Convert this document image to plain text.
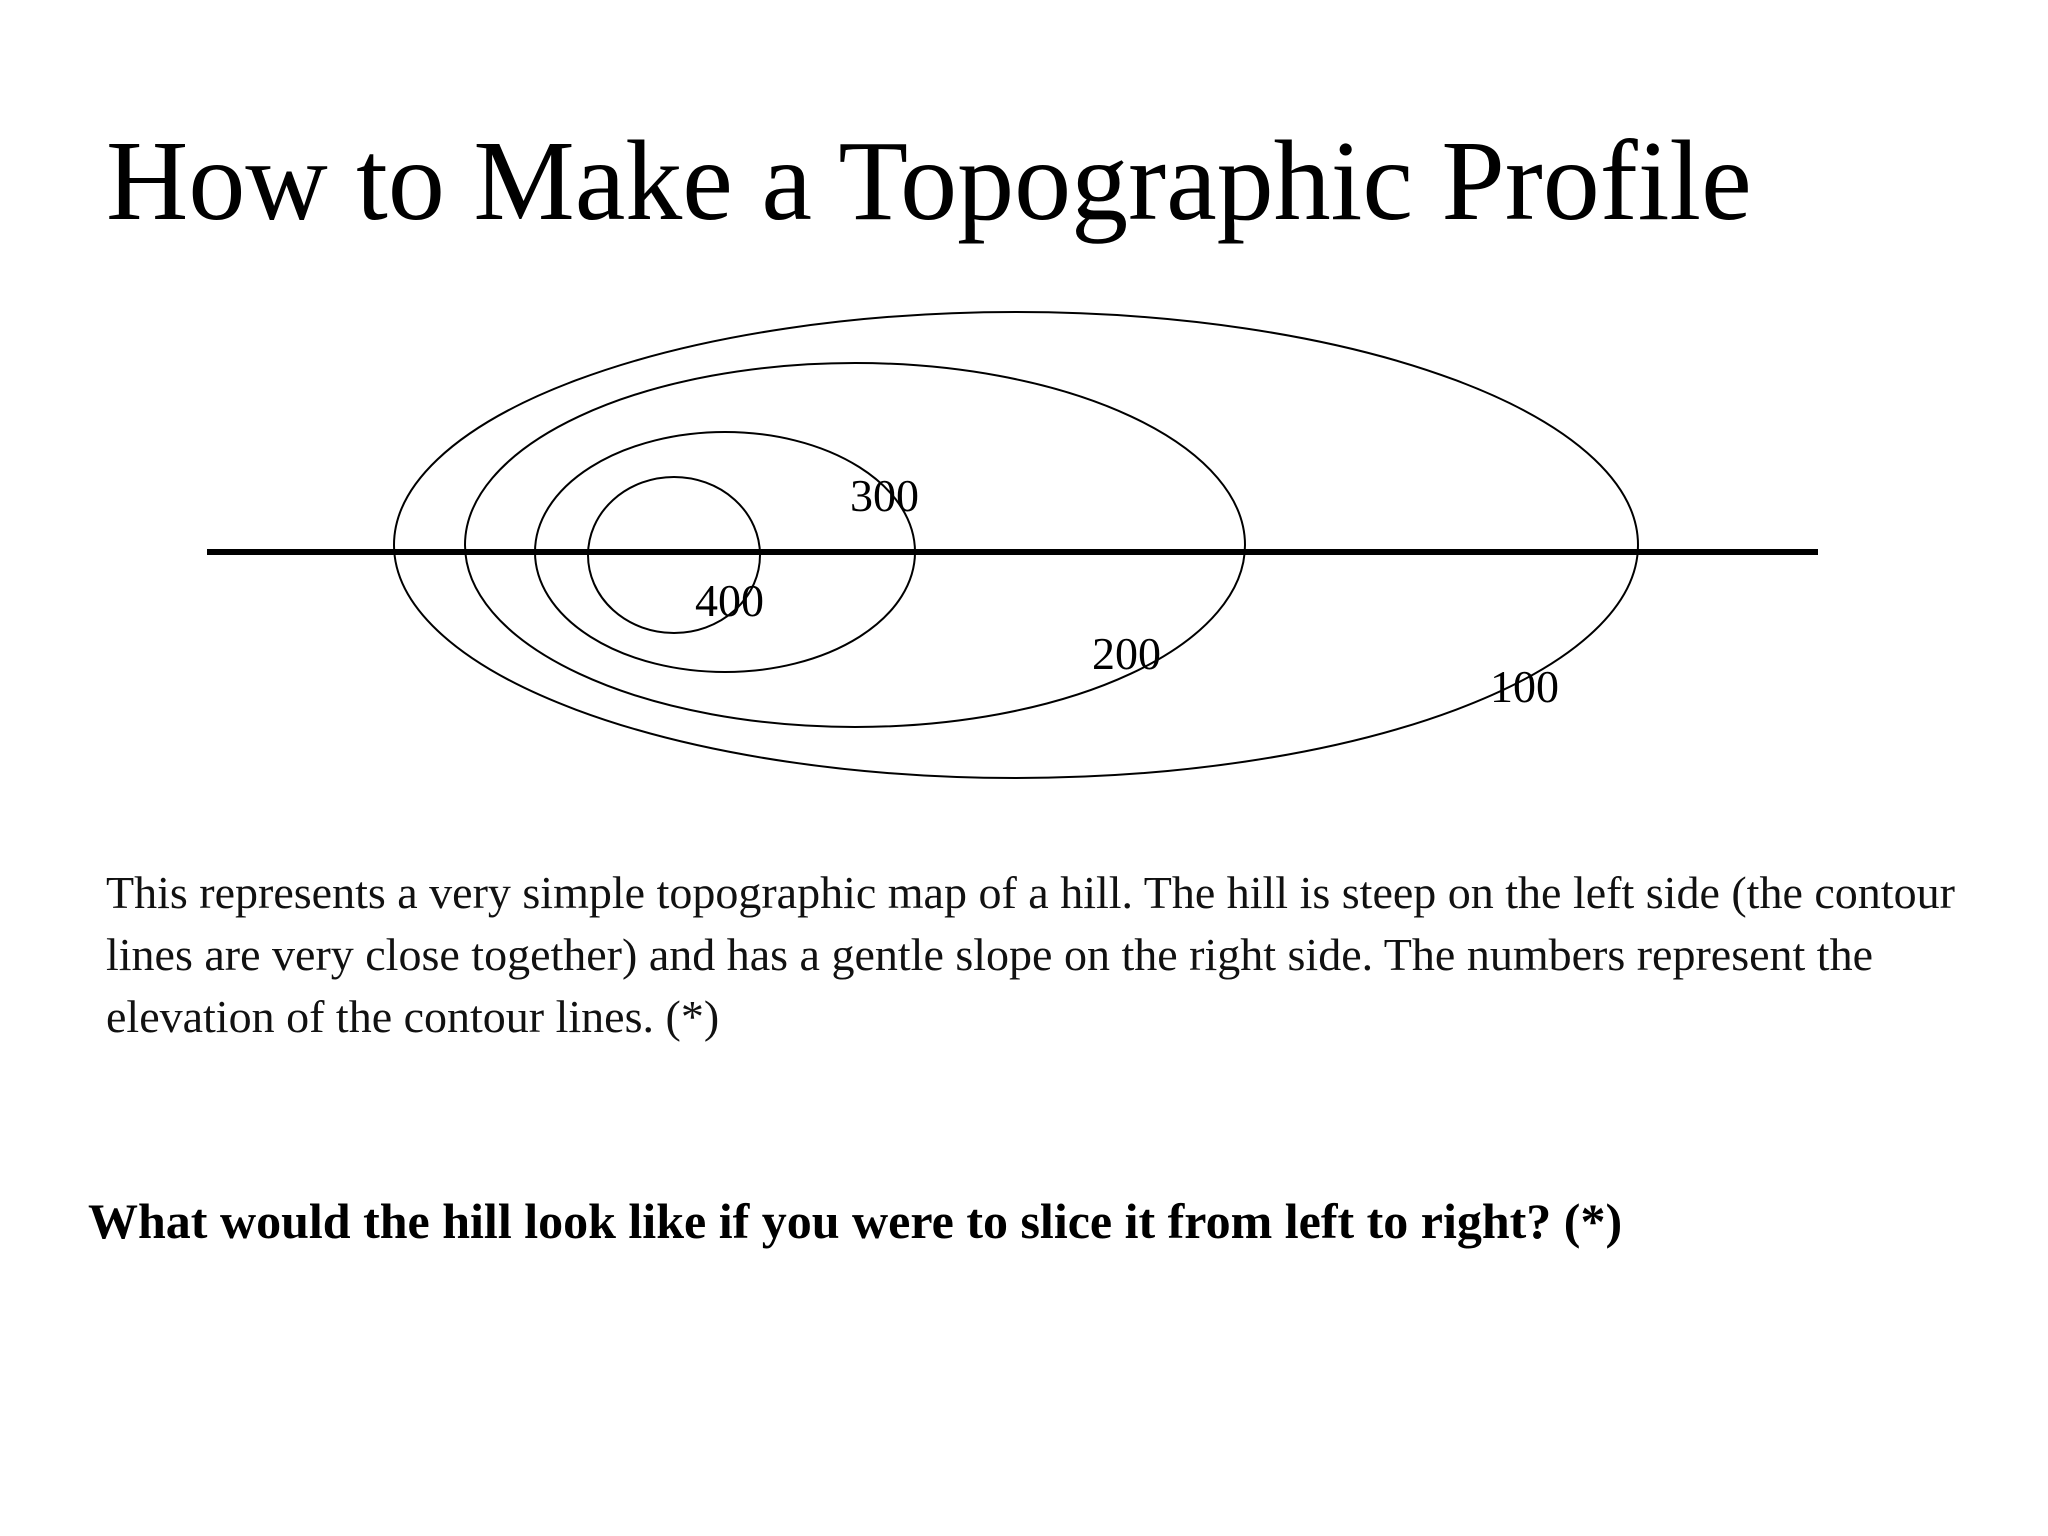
How to Make a Topographic Profile
300
400
200
100
This represents a very simple topographic map of a hill. The hill is steep on the left side (the contour lines are very close together) and has a gentle slope on the right side. The numbers represent the elevation of the contour lines. (*)
What would the hill look like if you were to slice it from left to right? (*)
